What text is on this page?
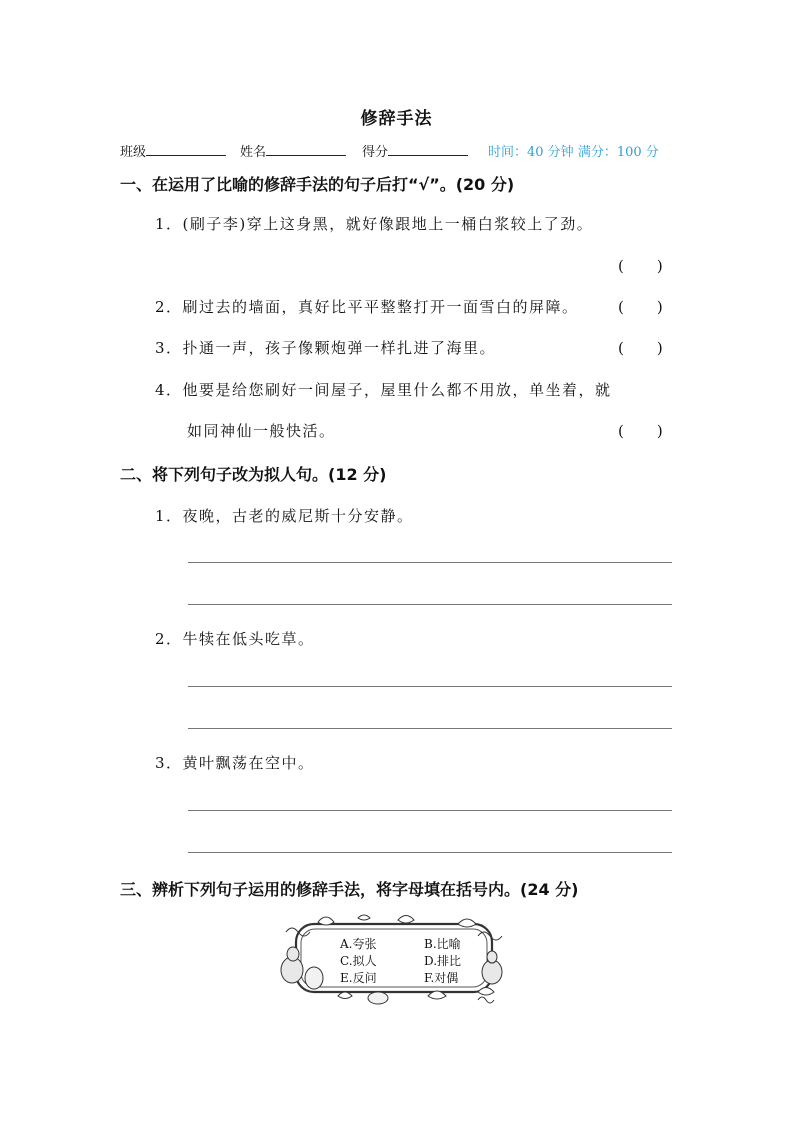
修辞手法
班级	姓名	得分	时间：40 分钟 满分：100 分
一、在运用了比喻的修辞手法的句子后打“√”。(20 分)
1．(刷子李)穿上这身黑，就好像跟地上一桶白浆较上了劲。
(　　)
2．刷过去的墙面，真好比平平整整打开一面雪白的屏障。	(　　)
3．扑通一声，孩子像颗炮弹一样扎进了海里。	(　　)
4．他要是给您刷好一间屋子，屋里什么都不用放，单坐着，就
如同神仙一般快活。	(　　)
二、将下列句子改为拟人句。(12 分)
1．夜晚，古老的威尼斯十分安静。
2．牛犊在低头吃草。
3．黄叶飘荡在空中。
三、辨析下列句子运用的修辞手法，将字母填在括号内。(24 分)
A.夸张	B.比喻
C.拟人	D.排比
E.反问	F.对偶
